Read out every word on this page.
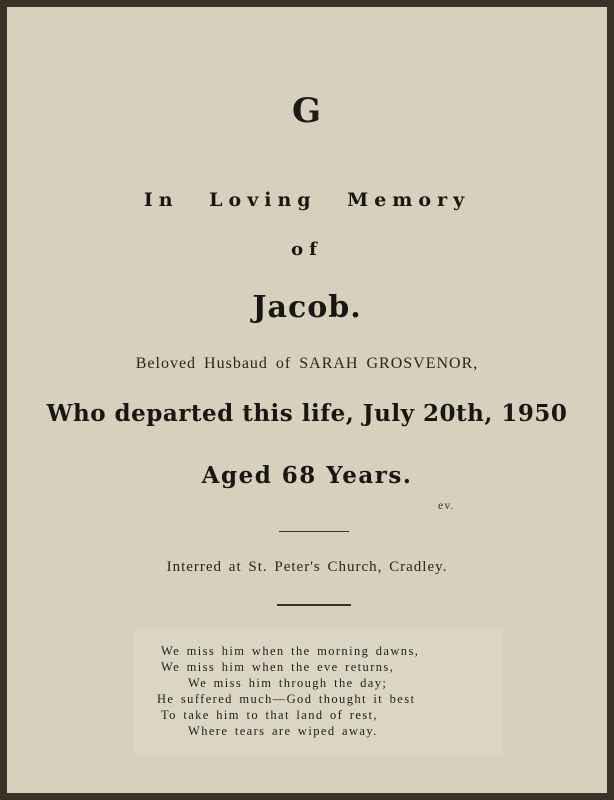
G
In Loving Memory
of
Jacob.
Beloved Husbaud of SARAH GROSVENOR,
Who departed this life, July 20th, 1950
Aged 68 Years.
ev.
Interred at St. Peter's Church, Cradley.
We miss him when the morning dawns,
We miss him when the eve returns,
We miss him through the day;
He suffered much—God thought it best
To take him to that land of rest,
Where tears are wiped away.
